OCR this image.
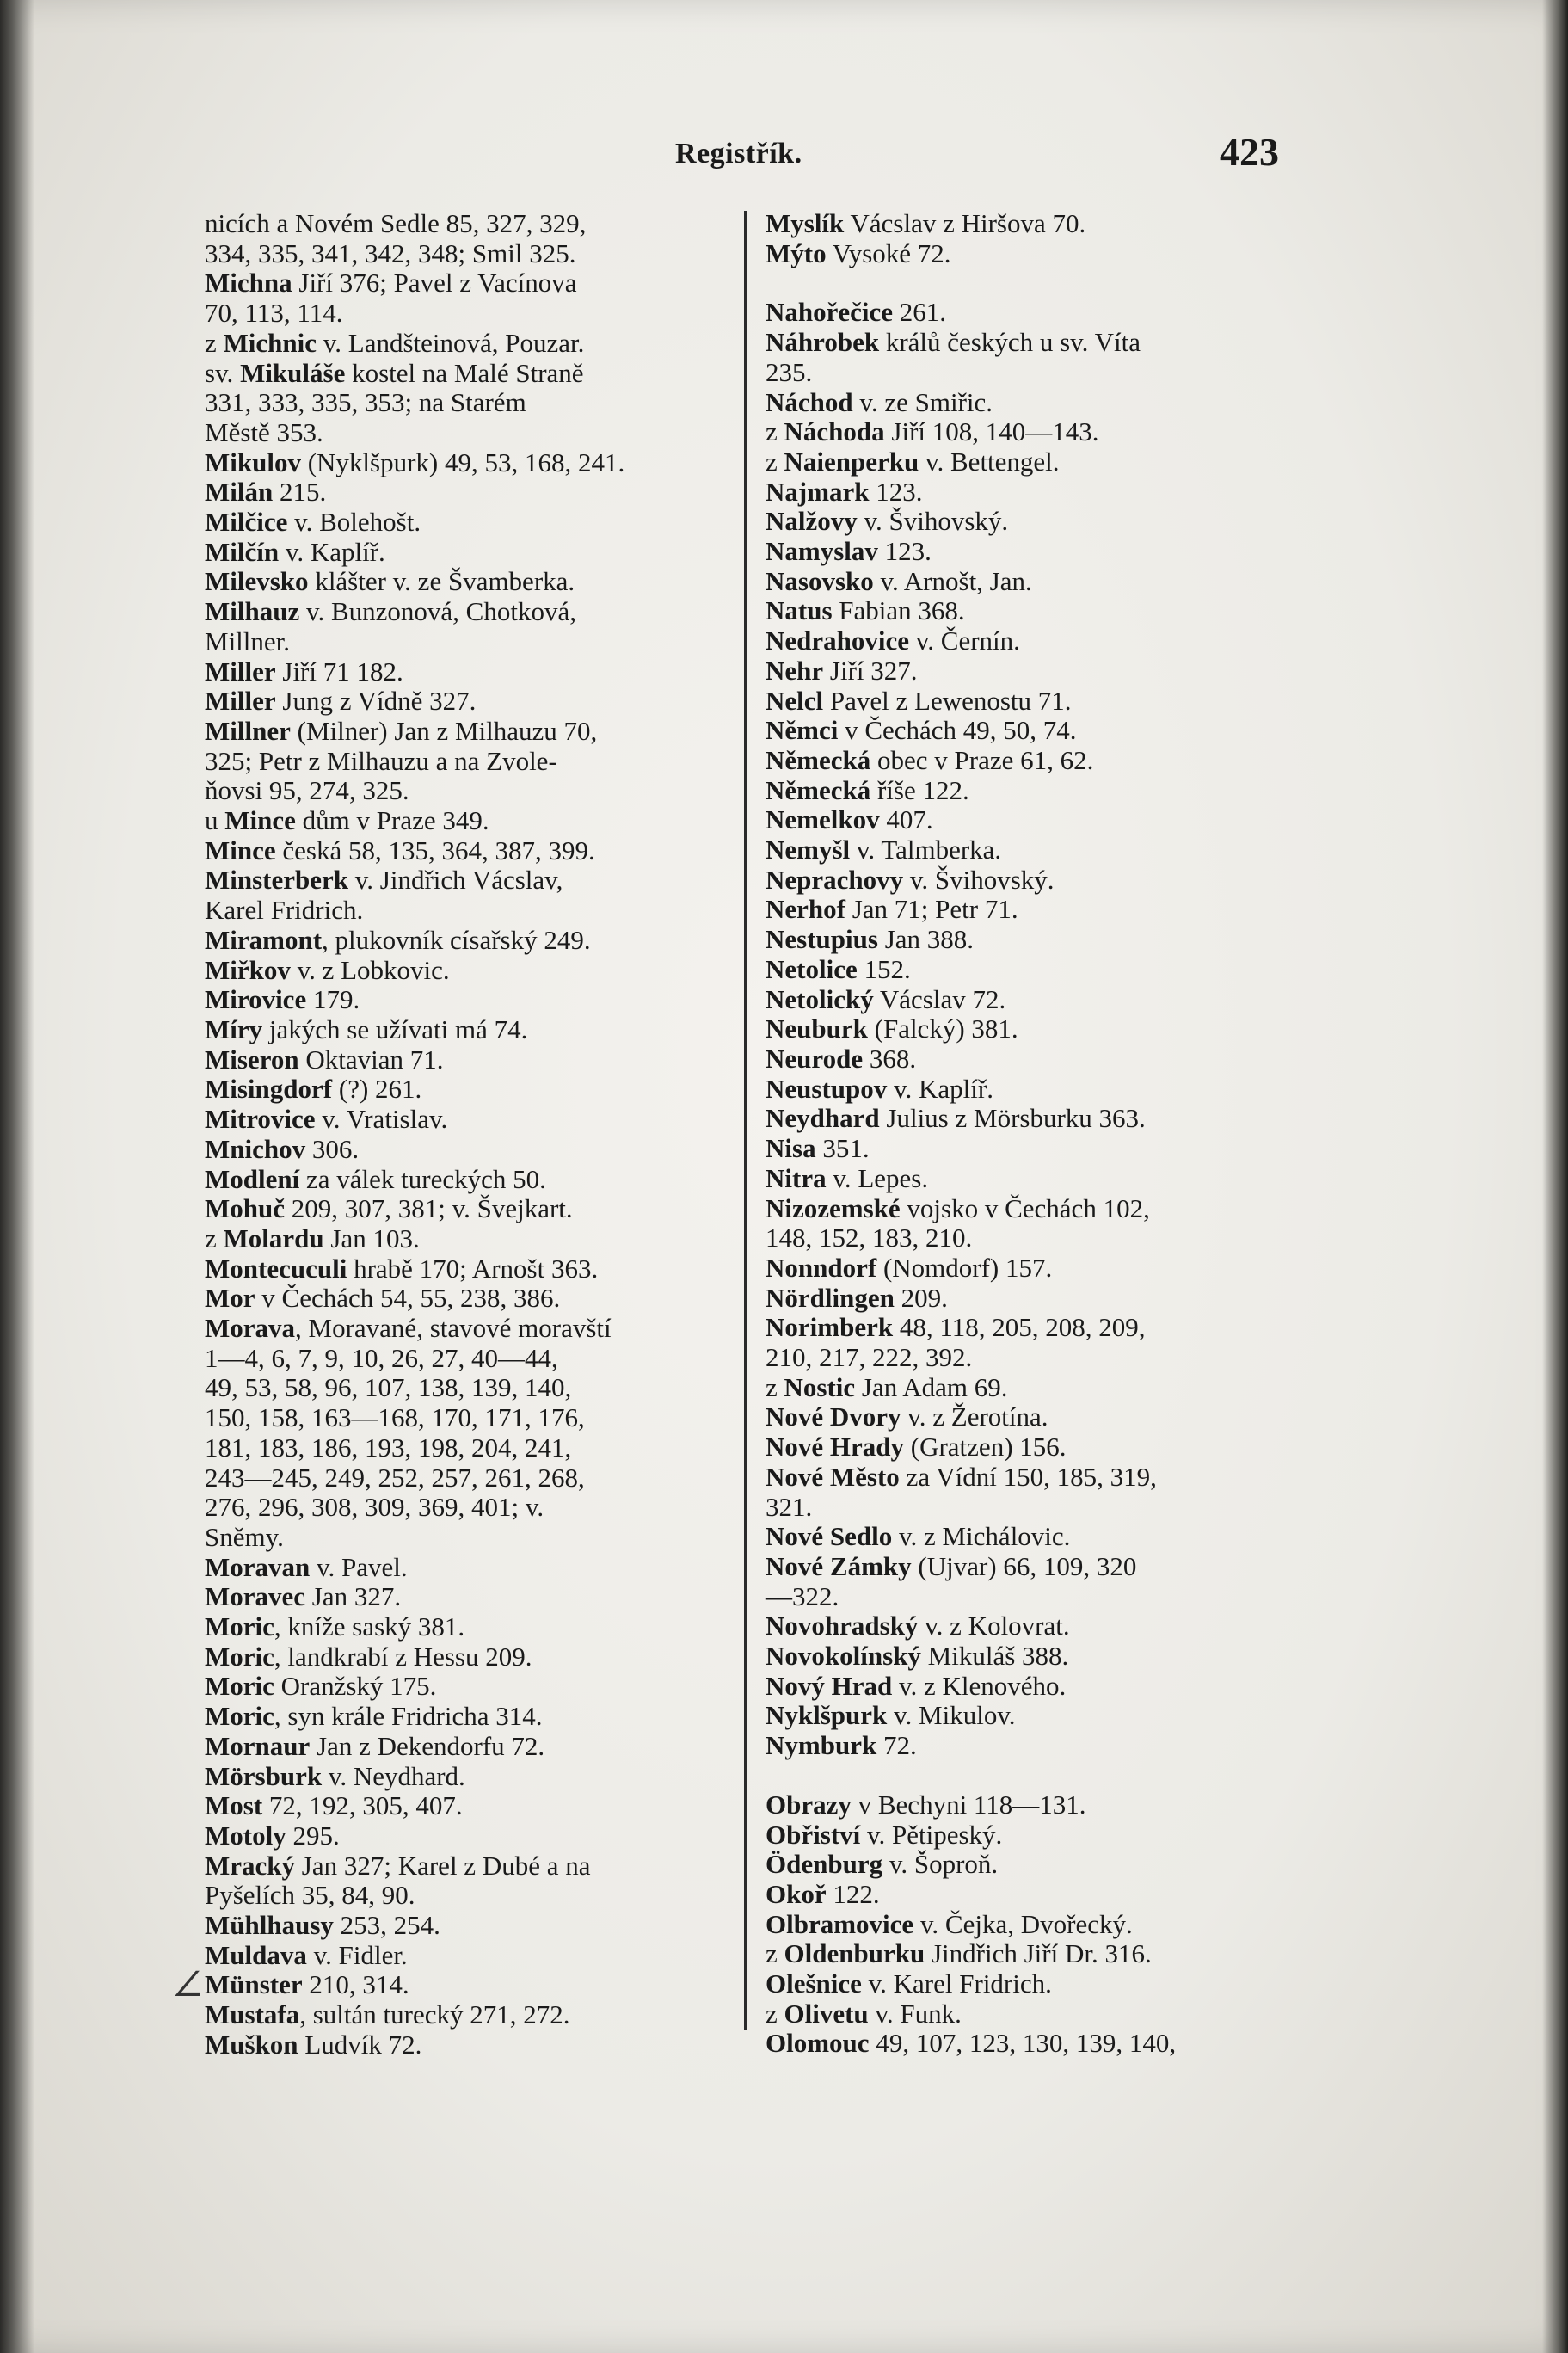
Registřík.	423
nicích a Novém Sedle 85, 327, 329,
334, 335, 341, 342, 348; Smil 325.
Michna Jiří 376; Pavel z Vacínova
70, 113, 114.
z Michnic v. Landšteinová, Pouzar.
sv. Mikuláše kostel na Malé Straně
331, 333, 335, 353; na Starém
Městě 353.
Mikulov (Nyklšpurk) 49, 53, 168, 241.
Milán 215.
Milčice v. Bolehošt.
Milčín v. Kaplíř.
Milevsko klášter v. ze Švamberka.
Milhauz v. Bunzonová, Chotková,
Millner.
Miller Jiří 71 182.
Miller Jung z Vídně 327.
Millner (Milner) Jan z Milhauzu 70,
325; Petr z Milhauzu a na Zvole-
ňovsi 95, 274, 325.
u Mince dům v Praze 349.
Mince česká 58, 135, 364, 387, 399.
Minsterberk v. Jindřich Vácslav,
Karel Fridrich.
Miramont, plukovník císařský 249.
Miřkov v. z Lobkovic.
Mirovice 179.
Míry jakých se užívati má 74.
Miseron Oktavian 71.
Misingdorf (?) 261.
Mitrovice v. Vratislav.
Mnichov 306.
Modlení za válek tureckých 50.
Mohuč 209, 307, 381; v. Švejkart.
z Molardu Jan 103.
Montecuculi hrabě 170; Arnošt 363.
Mor v Čechách 54, 55, 238, 386.
Morava, Moravané, stavové moravští
1—4, 6, 7, 9, 10, 26, 27, 40—44,
49, 53, 58, 96, 107, 138, 139, 140,
150, 158, 163—168, 170, 171, 176,
181, 183, 186, 193, 198, 204, 241,
243—245, 249, 252, 257, 261, 268,
276, 296, 308, 309, 369, 401; v.
Sněmy.
Moravan v. Pavel.
Moravec Jan 327.
Moric, kníže saský 381.
Moric, landkrabí z Hessu 209.
Moric Oranžský 175.
Moric, syn krále Fridricha 314.
Mornaur Jan z Dekendorfu 72.
Mörsburk v. Neydhard.
Most 72, 192, 305, 407.
Motoly 295.
Mracký Jan 327; Karel z Dubé a na
Pyšelích 35, 84, 90.
Mühlhausy 253, 254.
Muldava v. Fidler.
Münster 210, 314.
Mustafa, sultán turecký 271, 272.
Muškon Ludvík 72.
Myslík Vácslav z Hiršova 70.
Mýto Vysoké 72.
Nahořečice 261.
Náhrobek králů českých u sv. Víta
235.
Náchod v. ze Smiřic.
z Náchoda Jiří 108, 140—143.
z Naienperku v. Bettengel.
Najmark 123.
Nalžovy v. Švihovský.
Namyslav 123.
Nasovsko v. Arnošt, Jan.
Natus Fabian 368.
Nedrahovice v. Černín.
Nehr Jiří 327.
Nelcl Pavel z Lewenostu 71.
Němci v Čechách 49, 50, 74.
Německá obec v Praze 61, 62.
Německá říše 122.
Nemelkov 407.
Nemyšl v. Talmberka.
Neprachovy v. Švihovský.
Nerhof Jan 71; Petr 71.
Nestupius Jan 388.
Netolice 152.
Netolický Vácslav 72.
Neuburk (Falcký) 381.
Neurode 368.
Neustupov v. Kaplíř.
Neydhard Julius z Mörsburku 363.
Nisa 351.
Nitra v. Lepes.
Nizozemské vojsko v Čechách 102,
148, 152, 183, 210.
Nonndorf (Nomdorf) 157.
Nördlingen 209.
Norimberk 48, 118, 205, 208, 209,
210, 217, 222, 392.
z Nostic Jan Adam 69.
Nové Dvory v. z Žerotína.
Nové Hrady (Gratzen) 156.
Nové Město za Vídní 150, 185, 319,
321.
Nové Sedlo v. z Michálovic.
Nové Zámky (Ujvar) 66, 109, 320
—322.
Novohradský v. z Kolovrat.
Novokolínský Mikuláš 388.
Nový Hrad v. z Klenového.
Nyklšpurk v. Mikulov.
Nymburk 72.
Obrazy v Bechyni 118—131.
Obřiství v. Pětipeský.
Ödenburg v. Šoproň.
Okoř 122.
Olbramovice v. Čejka, Dvořecký.
z Oldenburku Jindřich Jiří Dr. 316.
Olešnice v. Karel Fridrich.
z Olivetu v. Funk.
Olomouc 49, 107, 123, 130, 139, 140,
∠
